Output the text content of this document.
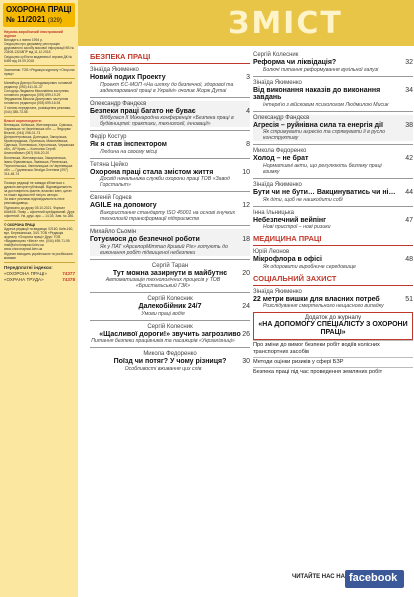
ОХОРОНА ПРАЦІ
№ 11/2021 (329)
Науково-виробничий ілюстрований журнал
Виходить з липня 1994 р.
Свідоцтво про державну реєстрацію друкованого засобу масової інформації КВ № 23408-13248ПР від 11.12.2018
Свідоцтво суб'єкта видавничої справи ДК № 6459 від 19.09.2018
Засновник: ТОВ «Редакція журналу «Охорона праці»
Матвійчук Дмитро Володимирович головний редактор (093) 441-51-37
Солодчук Людмила Миколаївна заступник головного редактора (093) 699-19-29
Фердманюк Микола Дмитрович заступник головного редактора (093) 699-16-94
З питань передплати, розміщення реклами, (044) 385-73-58
Власні кореспонденти:
Вінницька, Київська, Житомирська, Сумська, Харківська та Чернігівська обл. — Федорюк Віталій, (044) 296-01-73
Дніпропетровська, Донецька, Запорізька, Кіровоградська, Луганська, Миколаївська, Одеська, Полтавська, Херсонська, Черкаська обл., АР Крим — Колесник Сергій Анатолійович (067) 506-20-20
Волинська, Житомирська, Закарпатська, Івано-Франківська, Львівська, Рівненська, Тернопільська, Хмельницька та Чернівецька обл. — Гудлевська Зінаїда Олегівна (097) 314-48-74
Позиція редакції не завжди збігається з думкою авторів публікацій. Відповідальність за достовірність фактів, власних імен, цитат та інших відомостей несуть автори.
За зміст реклами відповідальність несе рекламодавець.
Підписано до друку 05.10.2021. Формат 60х84/8. Папір – офсетний крейдований. Друк офсетний. Ум. друк. арк. – 14,03; Зам. № 286.
© ОХОРОНА ПРАЦІ
Адреса редакції та видавця: 02160, Київ-160, вул. Бережанська, 34/1 ТОВ «Редакція журналу «Охорона праці» Друк: ТОВ «Видавництво «Мега» тел. (044) 495-71-95
mail@ohoronapraci.kiev.ua www.ohoronapraci.kiev.ua
Журнал виходить українською та російською мовами
Передплатні індекси:
74377
«ОХОРОНА ПРАЦІ»
74378
«ОХРАНА ТРУДА»
ЗМІСТ
БЕЗПЕКА ПРАЦІ
Зінаїда Якименко
Новий подих Проекту	3
Проект ЄС-МОП «На шляху до безпечної, здорової та задекларованої праці в Україні» очолив Жорж Дутаі
Олександр Фандєєв
Безпеки праці багато не буває	4
Відбулася ІІ Міжнародна конференція «Безпека праці в будівництві: практики, технології, інновації»
Федір Костур
Як я став інспектором	8
Людина на своєму місці
Тетяна Цейко
Охорона праці стала змістом життя	10
Досвід начальника служби охорони праці ТОВ «Завод Горстальт»
Євгеній Годнєв
AGILE на допомогу	12
Використання стандарту ISO 45001 на основі гнучких технологій трансформації підприємств
Михайло Сьомін
Готуємося до безпечної роботи	18
Як у ПАТ «АрселорМіттал Кривий Ріг» готують до виконання робіт підвищеної небезпеки
Сергій Таран
Тут можна зазирнути в майбутнє	20
Автоматизація технологічних процесів у ТОВ «Бристальський ГЗК»
Сергій Колесник
Далекобійник 24/7	24
Умови праці водія
Сергій Колесник
«Щасливої дороги!» звучить загрозливо 26
Питання безпеки працівників та пасажирів «Укрзалізниці»
Микола Федоренко
Поїзд чи потяг? У чому різниця?	30
Особливості вживання цих слів
Сергій Колесник
Реформа чи ліквідація?	32
Болючі питання реформування вугільної галузі
Зінаїда Якименко
Від виконання наказів до виконання завдань
34
Інтерв'ю з війсковим психологом Людмилою Мисик
Олександр Фандєєв
Агресія – руйнівна сила та енергія дії	38
Як стримувати агресію та спрямувати її в русло конструктиву
Микола Федоренко
Холод – не брат	42
Нормативні акти, що регулюють безпеку праці взимку
Зінаїда Якименко
Бути чи не бути… Вакцинуватись чи ні…	44
Як діти, щоб не нашкодити собі
Інна Ільницька
Небезпечний вейпінг	47
Нові пристрої – нові ризики
МЕДИЦИНА ПРАЦІ
Юрій Леонов
Мікрофлора в офісі	48
Як одоровити виробниче середовище
СОЦІАЛЬНИЙ ЗАХИСТ
Зінаїда Якименко
22 метри вишки для власних потреб	51
Розслідування смертельного нещасного випадку
Додаток до журналу
«НА ДОПОМОГУ СПЕЦІАЛІСТУ З ОХОРОНИ ПРАЦІ»
Про зміни до вимог безпеки робіт водіїв колісних транспортних засобів
Методи оцінки ризиків у сфері БЗР
Безпека праці під час проведення земляних робіт
ЧИТАЙТЕ НАС НА facebook
